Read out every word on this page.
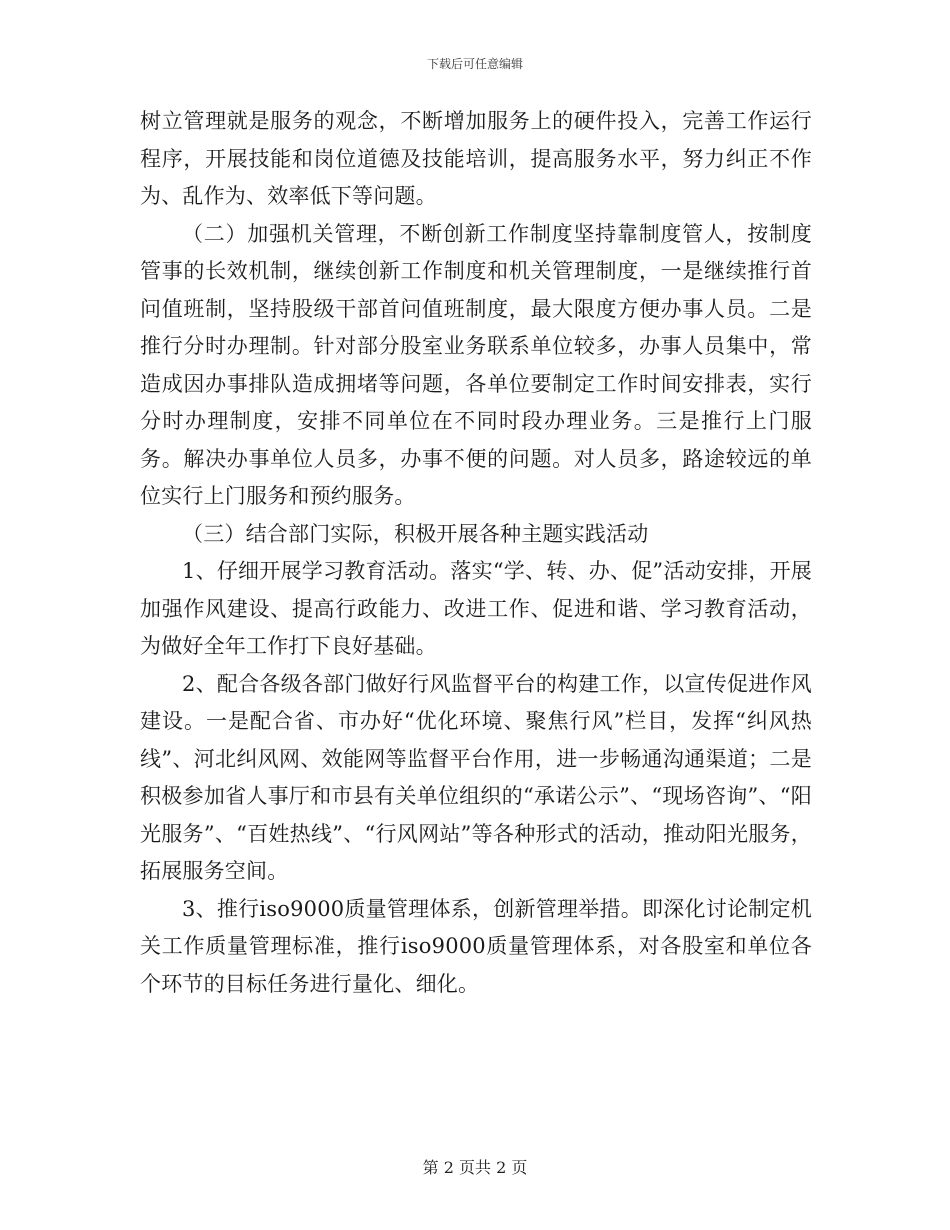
下载后可任意编辑

树立管理就是服务的观念，不断增加服务上的硬件投入，完善工作运行程序，开展技能和岗位道德及技能培训，提高服务水平，努力纠正不作为、乱作为、效率低下等问题。

（二）加强机关管理，不断创新工作制度坚持靠制度管人，按制度管事的长效机制，继续创新工作制度和机关管理制度，一是继续推行首问值班制，坚持股级干部首问值班制度，最大限度方便办事人员。二是推行分时办理制。针对部分股室业务联系单位较多，办事人员集中，常造成因办事排队造成拥堵等问题，各单位要制定工作时间安排表，实行分时办理制度，安排不同单位在不同时段办理业务。三是推行上门服务。解决办事单位人员多，办事不便的问题。对人员多，路途较远的单位实行上门服务和预约服务。

（三）结合部门实际，积极开展各种主题实践活动

1、仔细开展学习教育活动。落实“学、转、办、促”活动安排，开展加强作风建设、提高行政能力、改进工作、促进和谐、学习教育活动，为做好全年工作打下良好基础。

2、配合各级各部门做好行风监督平台的构建工作，以宣传促进作风建设。一是配合省、市办好“优化环境、聚焦行风”栏目，发挥“纠风热线”、河北纠风网、效能网等监督平台作用，进一步畅通沟通渠道；二是积极参加省人事厅和市县有关单位组织的“承诺公示”、“现场咨询”、“阳光服务”、“百姓热线”、“行风网站”等各种形式的活动，推动阳光服务，拓展服务空间。

3、推行iso9000质量管理体系，创新管理举措。即深化讨论制定机关工作质量管理标准，推行iso9000质量管理体系，对各股室和单位各个环节的目标任务进行量化、细化。

第 2 页共 2 页
